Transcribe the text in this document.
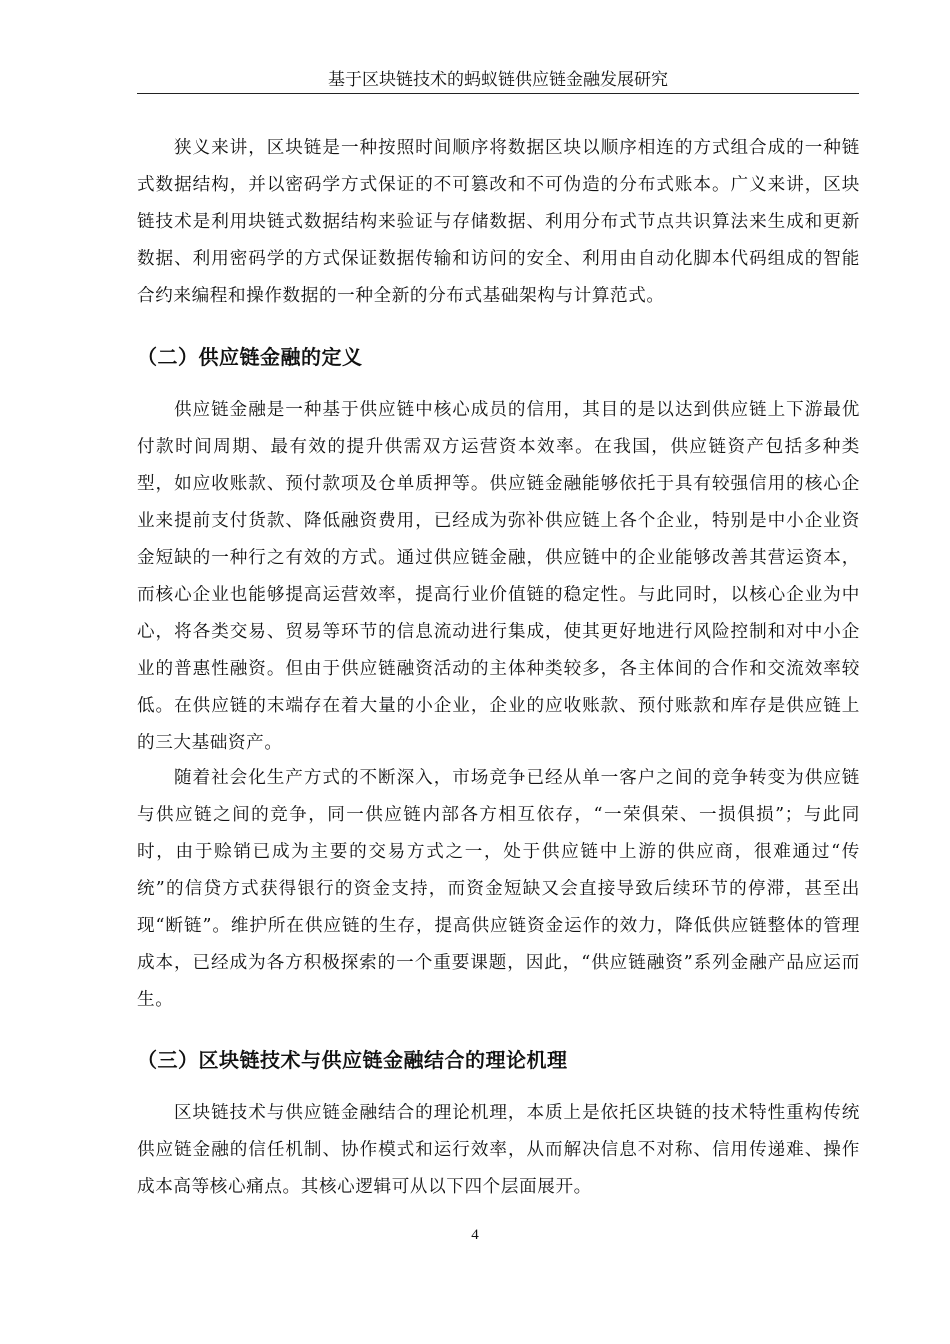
基于区块链技术的蚂蚁链供应链金融发展研究

狭义来讲，区块链是一种按照时间顺序将数据区块以顺序相连的方式组合成的一种链式数据结构，并以密码学方式保证的不可篡改和不可伪造的分布式账本。广义来讲，区块链技术是利用块链式数据结构来验证与存储数据、利用分布式节点共识算法来生成和更新数据、利用密码学的方式保证数据传输和访问的安全、利用由自动化脚本代码组成的智能合约来编程和操作数据的一种全新的分布式基础架构与计算范式。

（二）供应链金融的定义

供应链金融是一种基于供应链中核心成员的信用，其目的是以达到供应链上下游最优付款时间周期、最有效的提升供需双方运营资本效率。在我国，供应链资产包括多种类型，如应收账款、预付款项及仓单质押等。供应链金融能够依托于具有较强信用的核心企业来提前支付货款、降低融资费用，已经成为弥补供应链上各个企业，特别是中小企业资金短缺的一种行之有效的方式。通过供应链金融，供应链中的企业能够改善其营运资本，而核心企业也能够提高运营效率，提高行业价值链的稳定性。与此同时，以核心企业为中心，将各类交易、贸易等环节的信息流动进行集成，使其更好地进行风险控制和对中小企业的普惠性融资。但由于供应链融资活动的主体种类较多，各主体间的合作和交流效率较低。在供应链的末端存在着大量的小企业，企业的应收账款、预付账款和库存是供应链上的三大基础资产。

随着社会化生产方式的不断深入，市场竞争已经从单一客户之间的竞争转变为供应链与供应链之间的竞争，同一供应链内部各方相互依存，“一荣俱荣、一损俱损”；与此同时，由于赊销已成为主要的交易方式之一，处于供应链中上游的供应商，很难通过“传统”的信贷方式获得银行的资金支持，而资金短缺又会直接导致后续环节的停滞，甚至出现“断链”。维护所在供应链的生存，提高供应链资金运作的效力，降低供应链整体的管理成本，已经成为各方积极探索的一个重要课题，因此，“供应链融资”系列金融产品应运而生。

（三）区块链技术与供应链金融结合的理论机理

区块链技术与供应链金融结合的理论机理，本质上是依托区块链的技术特性重构传统供应链金融的信任机制、协作模式和运行效率，从而解决信息不对称、信用传递难、操作成本高等核心痛点。其核心逻辑可从以下四个层面展开。

4
